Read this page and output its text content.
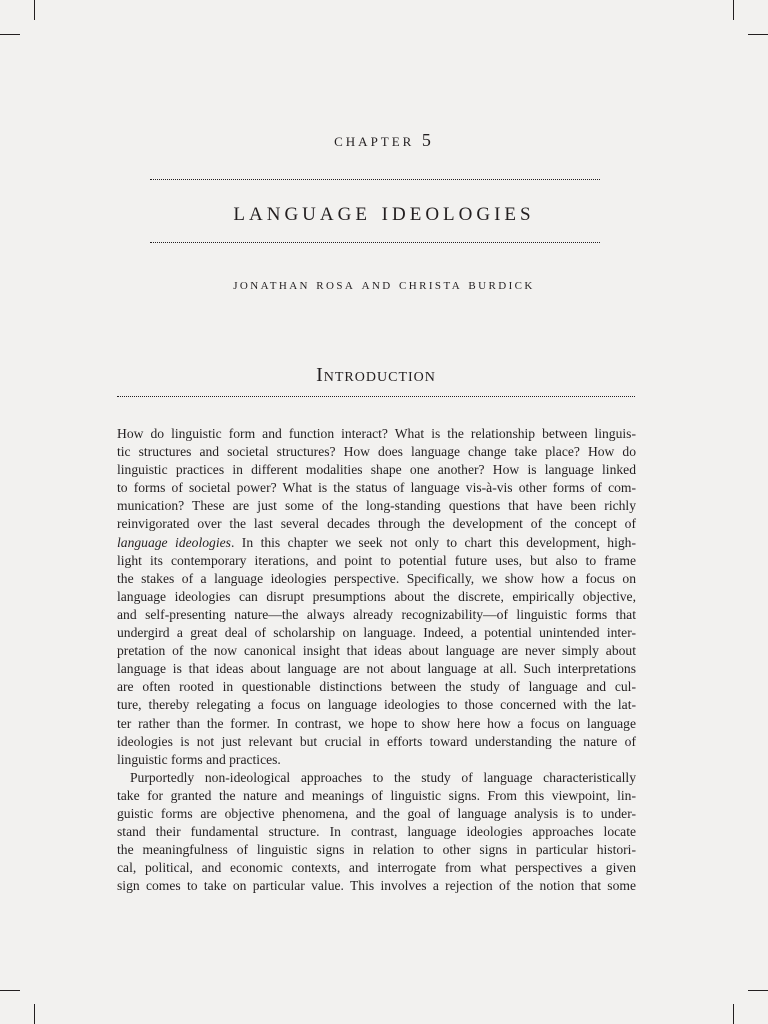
chapter 5
language ideologies
jonathan rosa and christa burdick
Introduction
How do linguistic form and function interact? What is the relationship between linguis-
tic structures and societal structures? How does language change take place? How do
linguistic practices in different modalities shape one another? How is language linked
to forms of societal power? What is the status of language vis-à-vis other forms of com-
munication? These are just some of the long-standing questions that have been richly
reinvigorated over the last several decades through the development of the concept of
language ideologies. In this chapter we seek not only to chart this development, high-
light its contemporary iterations, and point to potential future uses, but also to frame
the stakes of a language ideologies perspective. Specifically, we show how a focus on
language ideologies can disrupt presumptions about the discrete, empirically objective,
and self-presenting nature—the always already recognizability—of linguistic forms that
undergird a great deal of scholarship on language. Indeed, a potential unintended inter-
pretation of the now canonical insight that ideas about language are never simply about
language is that ideas about language are not about language at all. Such interpretations
are often rooted in questionable distinctions between the study of language and cul-
ture, thereby relegating a focus on language ideologies to those concerned with the lat-
ter rather than the former. In contrast, we hope to show here how a focus on language
ideologies is not just relevant but crucial in efforts toward understanding the nature of
linguistic forms and practices.
Purportedly non-ideological approaches to the study of language characteristically
take for granted the nature and meanings of linguistic signs. From this viewpoint, lin-
guistic forms are objective phenomena, and the goal of language analysis is to under-
stand their fundamental structure. In contrast, language ideologies approaches locate
the meaningfulness of linguistic signs in relation to other signs in particular histori-
cal, political, and economic contexts, and interrogate from what perspectives a given
sign comes to take on particular value. This involves a rejection of the notion that some
